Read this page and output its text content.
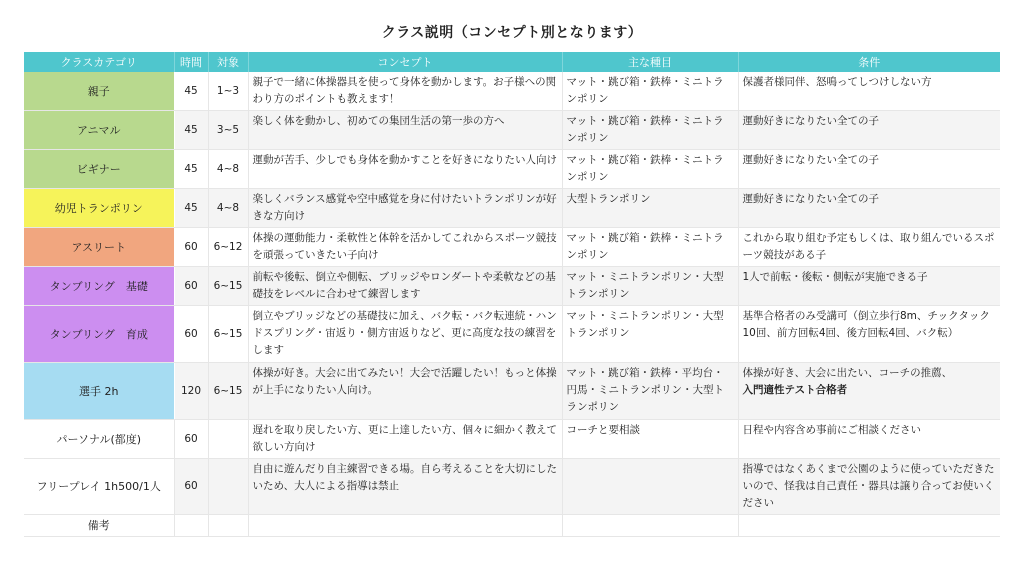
クラス説明（コンセプト別となります）
クラスカテゴリ	時間	対象	コンセプト	主な種目	条件
親子	45	1~3	親子で一緒に体操器具を使って身体を動かします。お子様への関わり方のポイントも教えます！	マット・跳び箱・鉄棒・ミニトランポリン	保護者様同伴、怒鳴ってしつけしない方
アニマル	45	3~5	楽しく体を動かし、初めての集団生活の第一歩の方へ	マット・跳び箱・鉄棒・ミニトランポリン	運動好きになりたい全ての子
ビギナー	45	4~8	運動が苦手、少しでも身体を動かすことを好きになりたい人向け	マット・跳び箱・鉄棒・ミニトランポリン	運動好きになりたい全ての子
幼児トランポリン	45	4~8	楽しくバランス感覚や空中感覚を身に付けたいトランポリンが好きな方向け	大型トランポリン	運動好きになりたい全ての子
アスリート	60	6~12	体操の運動能力・柔軟性と体幹を活かしてこれからスポーツ競技を頑張っていきたい子向け	マット・跳び箱・鉄棒・ミニトランポリン	これから取り組む予定もしくは、取り組んでいるスポーツ競技がある子
タンブリング　基礎	60	6~15	前転や後転、倒立や側転、ブリッジやロンダートや柔軟などの基礎技をレベルに合わせて練習します	マット・ミニトランポリン・大型トランポリン	1人で前転・後転・側転が実施できる子
タンブリング　育成	60	6~15	倒立やブリッジなどの基礎技に加え、バク転・バク転連続・ハンドスプリング・宙返り・側方宙返りなど、更に高度な技の練習をします	マット・ミニトランポリン・大型トランポリン	基準合格者のみ受講可（倒立歩行8m、チックタック10回、前方回転4回、後方回転4回、バク転）
選手 2h	120	6~15	体操が好き。大会に出てみたい！大会で活躍したい！もっと体操が上手になりたい人向け。	マット・跳び箱・鉄棒・平均台・円馬・ミニトランポリン・大型トランポリン	体操が好き、大会に出たい、コーチの推薦、
入門適性テスト合格者
パーソナル(都度)	60		遅れを取り戻したい方、更に上達したい方、個々に細かく教えて欲しい方向け	コーチと要相談	日程や内容含め事前にご相談ください
フリープレイ 1h500/1人	60		自由に遊んだり自主練習できる場。自ら考えることを大切にしたいため、大人による指導は禁止		指導ではなくあくまで公園のように使っていただきたいので、怪我は自己責任・器具は譲り合ってお使いください
備考					
